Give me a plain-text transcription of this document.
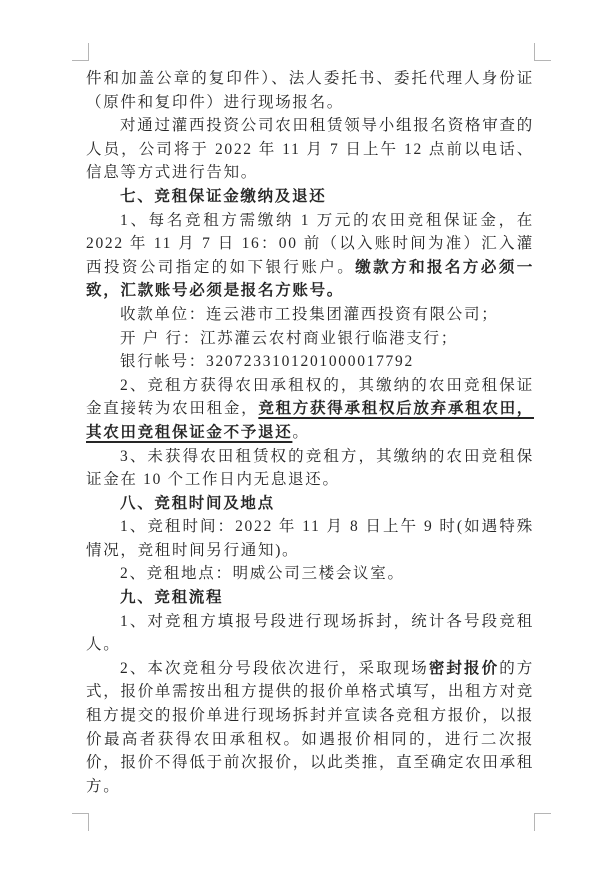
件和加盖公章的复印件）、法人委托书、委托代理人身份证（原件和复印件）进行现场报名。

对通过灌西投资公司农田租赁领导小组报名资格审查的人员，公司将于 2022 年 11 月 7 日上午 12 点前以电话、信息等方式进行告知。

七、竞租保证金缴纳及退还

1、每名竞租方需缴纳 1 万元的农田竞租保证金，在 2022 年 11 月 7 日 16：00 前（以入账时间为准）汇入灌西投资公司指定的如下银行账户。缴款方和报名方必须一致，汇款账号必须是报名方账号。

收款单位：连云港市工投集团灌西投资有限公司；

开 户 行：江苏灌云农村商业银行临港支行；

银行帐号：3207233101201000017792

2、竞租方获得农田承租权的，其缴纳的农田竞租保证金直接转为农田租金，竞租方获得承租权后放弃承租农田，其农田竞租保证金不予退还。

3、未获得农田租赁权的竞租方，其缴纳的农田竞租保证金在 10 个工作日内无息退还。

八、竞租时间及地点

1、竞租时间：2022 年 11 月 8 日上午 9 时(如遇特殊情况，竞租时间另行通知)。

2、竞租地点：明威公司三楼会议室。

九、竞租流程

1、对竞租方填报号段进行现场拆封，统计各号段竞租人。

2、本次竞租分号段依次进行，采取现场密封报价的方式，报价单需按出租方提供的报价单格式填写，出租方对竞租方提交的报价单进行现场拆封并宣读各竞租方报价，以报价最高者获得农田承租权。如遇报价相同的，进行二次报价，报价不得低于前次报价，以此类推，直至确定农田承租方。
